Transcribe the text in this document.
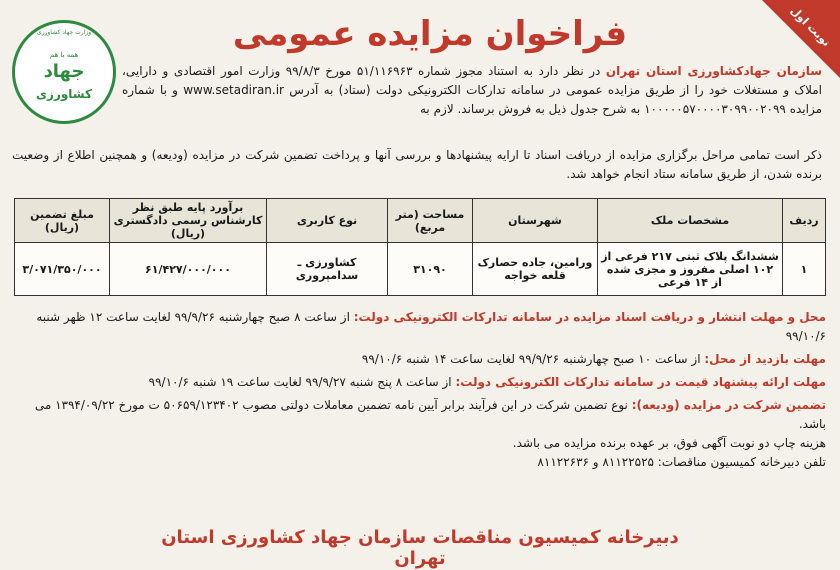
نوبت اول
فراخوان مزایده عمومی
وزارت جهاد کشاورزی
همه با هم
جهاد
کشاورزی
سازمان جهادکشاورزی استان تهران در نظر دارد به استناد مجوز شماره ۵۱/۱۱۶۹۶۳ مورخ ۹۹/۸/۳ وزارت امور اقتصادی و دارایی، املاک و مستغلات خود را از طریق مزایده عمومی در سامانه تدارکات الکترونیکی دولت (ستاد) به آدرس www.setadiran.ir و با شماره مزایده ۱۰۰۰۰۰۵۷۰۰۰۰۳۰۹۹۰۰۲۰۹۹ به شرح جدول ذیل به فروش برساند. لازم به
ذکر است تمامی مراحل برگزاری مزایده از دریافت اسناد تا ارایه پیشنهادها و بررسی آنها و پرداخت تضمین شرکت در مزایده (ودیعه) و همچنین اطلاع از وضعیت برنده شدن، از طریق سامانه ستاد انجام خواهد شد.
ردیف	مشخصات ملک	شهرستان	مساحت (متر مربع)	نوع کاربری	برآورد پایه طبق نظر کارشناس رسمی دادگستری (ریال)	مبلغ تضمین (ریال)
۱	ششدانگ پلاک ثبتی ۲۱۷ فرعی از ۱۰۲ اصلی مفروز و مجزی شده از ۱۴ فرعی	ورامین، جاده حصارک قلعه خواجه	۳۱۰۹۰	کشاورزی ـ سدامپروری	۶۱/۴۲۷/۰۰۰/۰۰۰	۳/۰۷۱/۳۵۰/۰۰۰

محل و مهلت انتشار و دریافت اسناد مزایده در سامانه تدارکات الکترونیکی دولت: از ساعت ۸ صبح چهارشنبه ۹۹/۹/۲۶ لغایت ساعت ۱۲ ظهر شنبه ۹۹/۱۰/۶

مهلت بازدید از محل: از ساعت ۱۰ صبح چهارشنبه ۹۹/۹/۲۶ لغایت ساعت ۱۴ شنبه ۹۹/۱۰/۶

مهلت ارائه پیشنهاد قیمت در سامانه تدارکات الکترونیکی دولت: از ساعت ۸ پنج شنبه ۹۹/۹/۲۷ لغایت ساعت ۱۹ شنبه ۹۹/۱۰/۶

تضمین شرکت در مزایده (ودیعه): نوع تضمین شرکت در این فرآیند برابر آیین نامه تضمین معاملات دولتی مصوب ۵۰۶۵۹/۱۲۳۴۰۲ ت مورخ ۱۳۹۴/۰۹/۲۲ می باشد.

هزینه چاپ دو نوبت آگهی فوق، بر عهده برنده مزایده می باشد.

تلفن دبیرخانه کمیسیون مناقصات: ۸۱۱۲۲۵۲۵ و ۸۱۱۲۲۶۳۶

دبیرخانه کمیسیون مناقصات سازمان جهاد کشاورزی استان تهران
